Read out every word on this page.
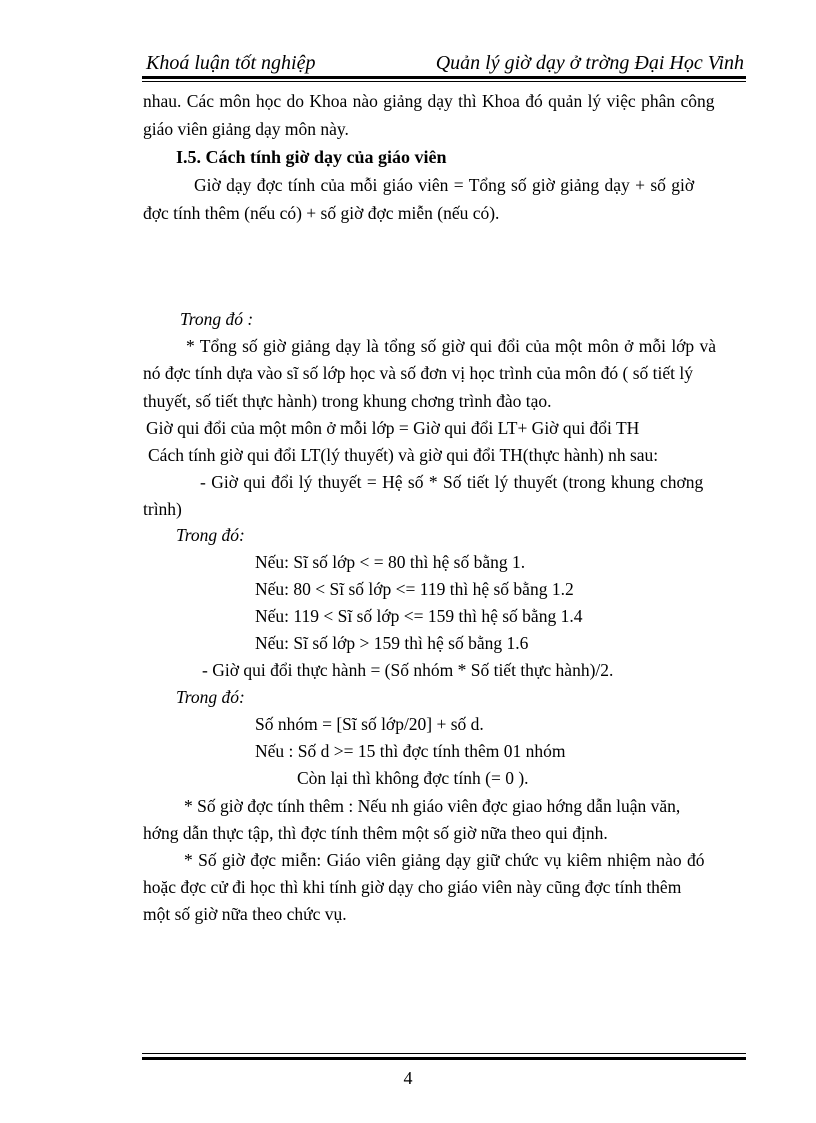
Khoá luận tốt nghiệp	Quản lý giờ dạy ở trờng Đại Học Vinh
nhau. Các môn học do Khoa nào giảng dạy thì Khoa đó quản lý việc phân công
giáo viên giảng dạy môn này.
I.5. Cách tính giờ dạy của giáo viên
Giờ dạy đợc tính của mỗi giáo viên = Tổng số giờ giảng dạy + số giờ
đợc tính thêm (nếu có) + số giờ đợc miễn (nếu có).
Trong đó :
* Tổng số giờ giảng dạy là tổng số giờ qui đổi của một môn ở mỗi lớp và
nó đợc tính dựa vào sĩ số lớp học và số đơn vị học trình của môn đó ( số tiết lý
thuyết, số tiết thực hành) trong khung chơng trình đào tạo.
Giờ qui đổi của một môn ở mỗi lớp = Giờ qui đổi LT+ Giờ qui đổi TH
Cách tính giờ qui đổi LT(lý thuyết) và giờ qui đổi TH(thực hành) nh sau:
- Giờ qui đổi lý thuyết = Hệ số * Số tiết lý thuyết (trong khung chơng
trình)
Trong đó:
Nếu: Sĩ số lớp < = 80 thì hệ số bằng 1.
Nếu: 80 < Sĩ số lớp <= 119 thì hệ số bằng 1.2
Nếu: 119 < Sĩ số lớp <= 159 thì hệ số bằng 1.4
Nếu: Sĩ số lớp > 159 thì hệ số bằng 1.6
- Giờ qui đổi thực hành = (Số nhóm * Số tiết thực hành)/2.
Trong đó:
Số nhóm = [Sĩ số lớp/20] + số d.
Nếu : Số d >= 15 thì đợc tính thêm 01 nhóm
Còn lại thì không đợc tính (= 0 ).
* Số giờ đợc tính thêm : Nếu nh giáo viên đợc giao hớng dẫn luận văn,
hớng dẫn thực tập, thì đợc tính thêm một số giờ nữa theo qui định.
* Số giờ đợc miễn: Giáo viên giảng dạy giữ chức vụ kiêm nhiệm nào đó
hoặc đợc cử đi học thì khi tính giờ dạy cho giáo viên này cũng đợc tính thêm
một số giờ nữa theo chức vụ.
4
